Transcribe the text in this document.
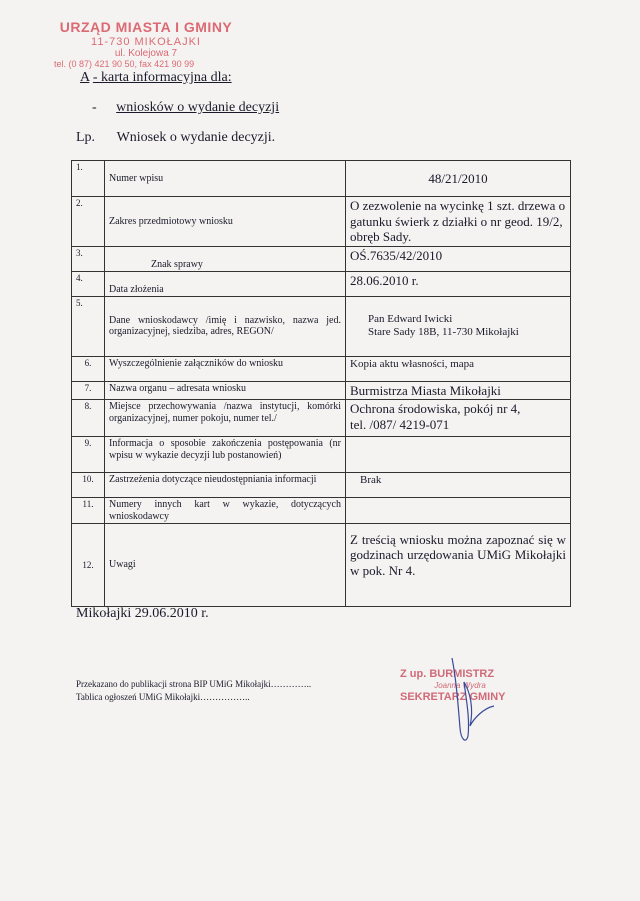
URZĄD MIASTA I GMINY
11-730 MIKOŁAJKI
ul. Kolejowa 7
tel. (0 87) 421 90 50, fax 421 90 99
A - karta informacyjna dla:
- wniosków o wydanie decyzji
Lp. Wniosek o wydanie decyzji.
1.	Numer wpisu	48/21/2010
2.	Zakres przedmiotowy wniosku	O zezwolenie na wycinkę 1 szt. drzewa o gatunku świerk z działki o nr geod. 19/2, obręb Sady.
3.	Znak sprawy	OŚ.7635/42/2010
4.	Data złożenia	28.06.2010 r.
5.	Dane wnioskodawcy /imię i nazwisko, nazwa jed. organizacyjnej, siedziba, adres, REGON/	Pan Edward Iwicki
Stare Sady 18B, 11-730 Mikołajki

6.	Wyszczególnienie załączników do wniosku	Kopia aktu własności, mapa
7.	Nazwa organu – adresata wniosku	Burmistrza Miasta Mikołajki
8.	Miejsce przechowywania /nazwa instytucji, komórki organizacyjnej, numer pokoju, numer tel./	Ochrona środowiska, pokój nr 4,
tel. /087/ 4219-071

9.	Informacja o sposobie zakończenia postępowania (nr wpisu w wykazie decyzji lub postanowień)	
10.	Zastrzeżenia dotyczące nieudostępniania informacji	Brak
11.	Numery innych kart w wykazie, dotyczących wnioskodawcy	
12.	Uwagi	Z treścią wniosku można zapoznać się w godzinach urzędowania UMiG Mikołajki w pok. Nr 4.
Mikołajki 29.06.2010 r.
Przekazano do publikacji strona BIP UMiG Mikołajki…………..
Tablica ogłoszeń UMiG Mikołajki……………..
Z up. BURMISTRZ
Joanna Wydra
SEKRETARZ GMINY
